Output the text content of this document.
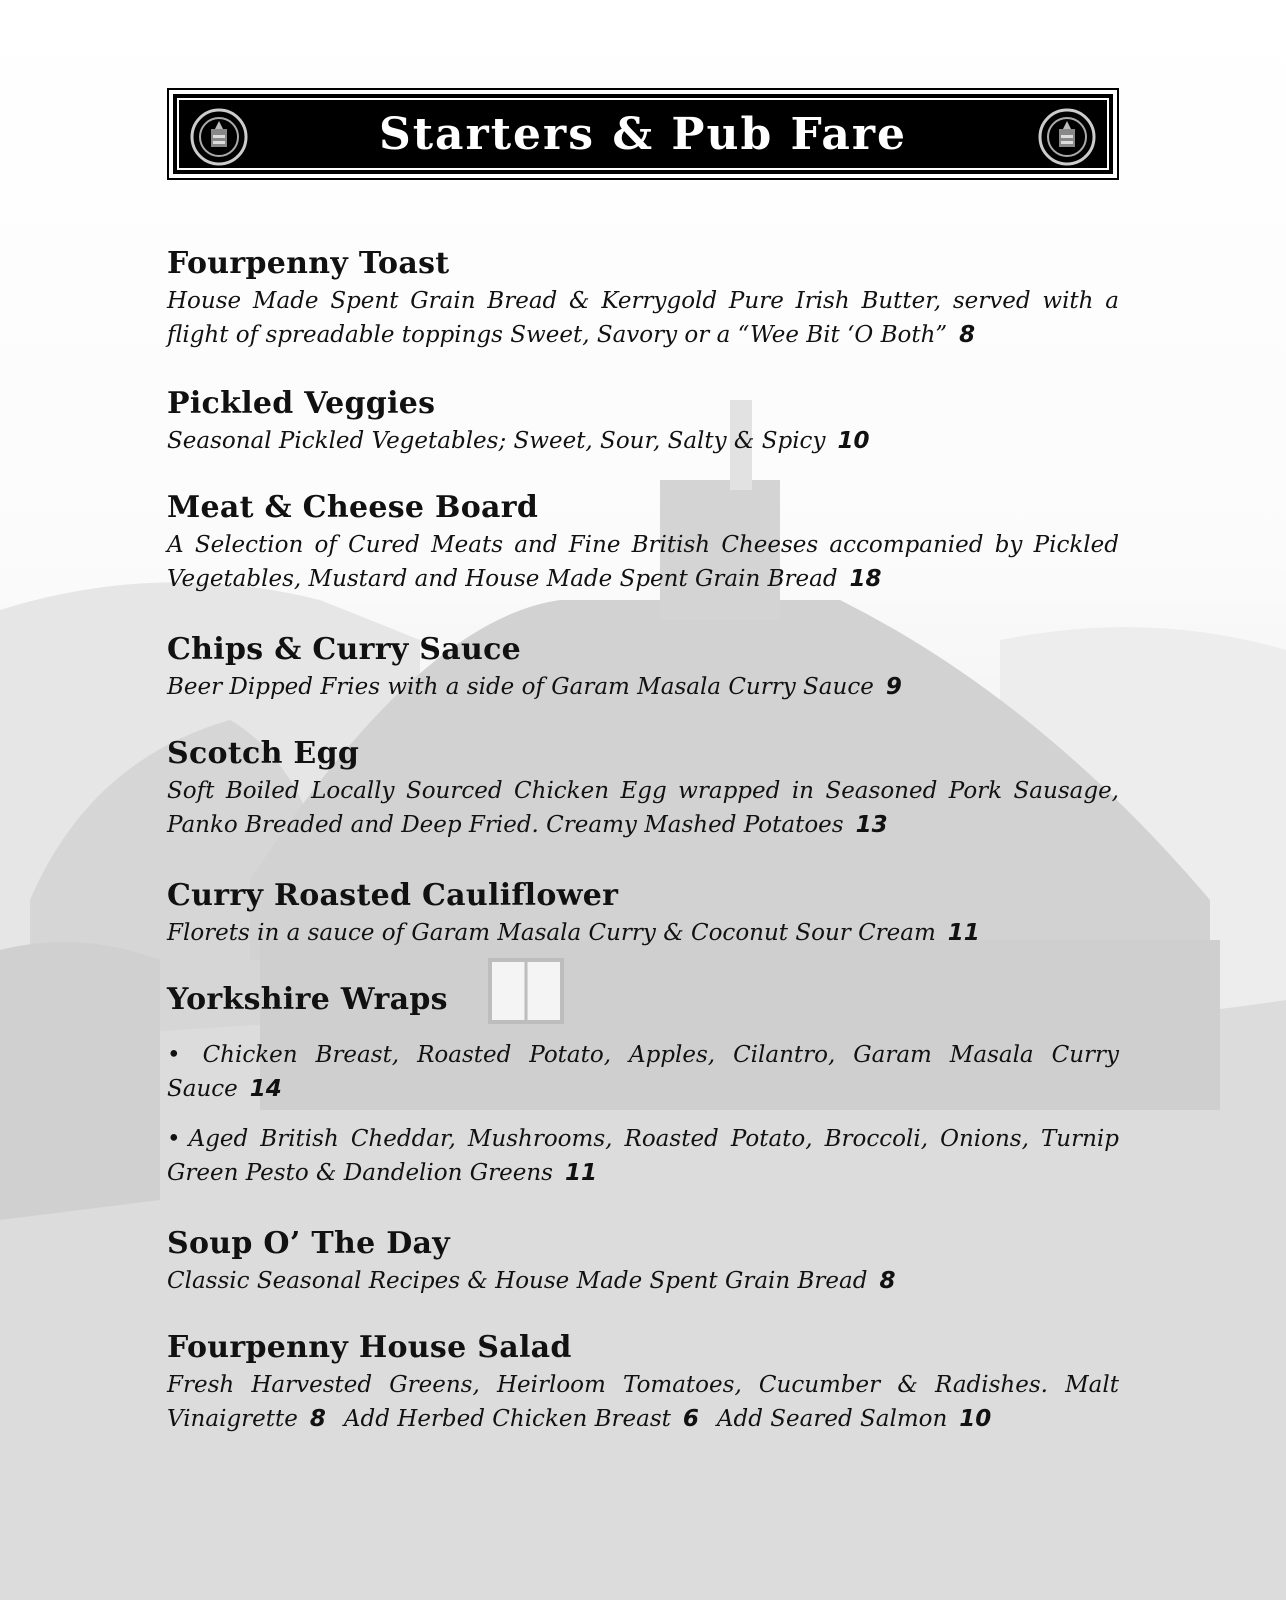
Starters & Pub Fare
Fourpenny Toast
House Made Spent Grain Bread & Kerrygold Pure Irish Butter, served with a flight of spreadable toppings Sweet, Savory or a “Wee Bit ‘O Both” 8
Pickled Veggies
Seasonal Pickled Vegetables; Sweet, Sour, Salty & Spicy 10
Meat & Cheese Board
A Selection of Cured Meats and Fine British Cheeses accompanied by Pickled Vegetables, Mustard and House Made Spent Grain Bread 18
Chips & Curry Sauce
Beer Dipped Fries with a side of Garam Masala Curry Sauce 9
Scotch Egg
Soft Boiled Locally Sourced Chicken Egg wrapped in Seasoned Pork Sausage, Panko Breaded and Deep Fried. Creamy Mashed Potatoes 13
Curry Roasted Cauliflower
Florets in a sauce of Garam Masala Curry & Coconut Sour Cream 11
Yorkshire Wraps
• Chicken Breast, Roasted Potato, Apples, Cilantro, Garam Masala Curry Sauce 14
• Aged British Cheddar, Mushrooms, Roasted Potato, Broccoli, Onions, Turnip Green Pesto & Dandelion Greens 11
Soup O’ The Day
Classic Seasonal Recipes & House Made Spent Grain Bread 8
Fourpenny House Salad
Fresh Harvested Greens, Heirloom Tomatoes, Cucumber & Radishes. Malt Vinaigrette 8 Add Herbed Chicken Breast 6 Add Seared Salmon 10
